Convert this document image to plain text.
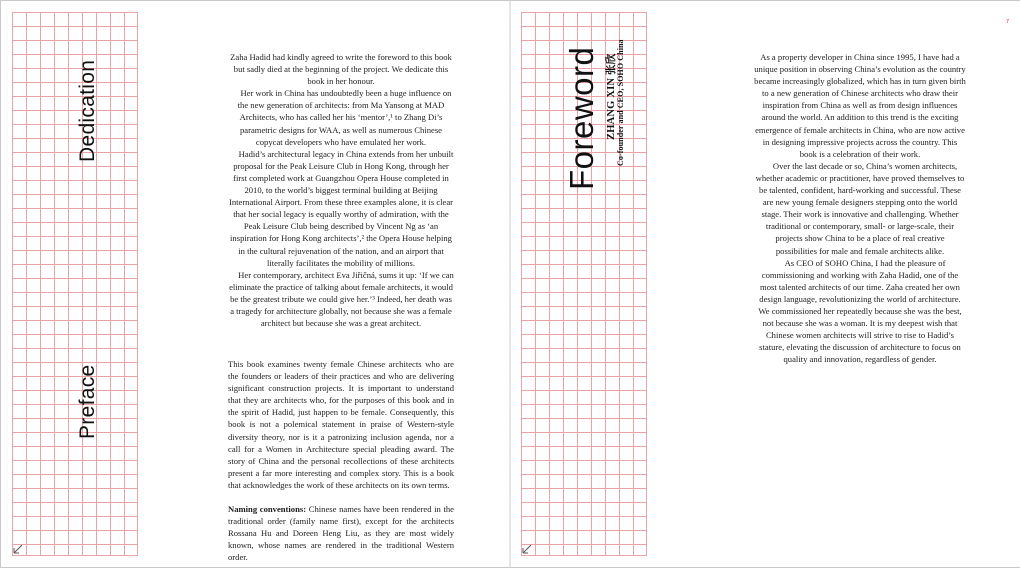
Dedication
Preface

Zaha Hadid had kindly agreed to write the foreword to this book but sadly died at the beginning of the project. We dedicate this book in her honour.

Her work in China has undoubtedly been a huge influence on the new generation of architects: from Ma Yansong at MAD Architects, who has called her his ‘mentor’,¹ to Zhang Di’s parametric designs for WAA, as well as numerous Chinese copycat developers who have emulated her work.

Hadid’s architectural legacy in China extends from her unbuilt proposal for the Peak Leisure Club in Hong Kong, through her first completed work at Guangzhou Opera House completed in 2010, to the world’s biggest terminal building at Beijing International Airport. From these three examples alone, it is clear that her social legacy is equally worthy of admiration, with the Peak Leisure Club being described by Vincent Ng as ‘an inspiration for Hong Kong architects’,² the Opera House helping in the cultural rejuvenation of the nation, and an airport that literally facilitates the mobility of millions.

Her contemporary, architect Eva Jiřičná, sums it up: ‘If we can eliminate the practice of talking about female architects, it would be the greatest tribute we could give her.’³ Indeed, her death was a tragedy for architecture globally, not because she was a female architect but because she was a great architect.

This book examines twenty female Chinese architects who are the founders or leaders of their practices and who are delivering significant construction projects. It is important to understand that they are architects who, for the purposes of this book and in the spirit of Hadid, just happen to be female. Consequently, this book is not a polemical statement in praise of Western-style diversity theory, nor is it a patronizing inclusion agenda, nor a call for a Women in Architecture special pleading award. The story of China and the personal recollections of these architects present a far more interesting and complex story. This is a book that acknowledges the work of these architects on its own terms.

Naming conventions: Chinese names have been rendered in the traditional order (family name first), except for the architects Rossana Hu and Doreen Heng Liu, as they are most widely known, whose names are rendered in the traditional Western order.

Foreword ZHANG XIN 张欣 Co-founder and CEO, SOHO China
7

As a property developer in China since 1995, I have had a unique position in observing China’s evolution as the country became increasingly globalized, which has in turn given birth to a new generation of Chinese architects who draw their inspiration from China as well as from design influences around the world. An addition to this trend is the exciting emergence of female architects in China, who are now active in designing impressive projects across the country. This book is a celebration of their work.

Over the last decade or so, China’s women architects, whether academic or practitioner, have proved themselves to be talented, confident, hard-working and successful. These are new young female designers stepping onto the world stage. Their work is innovative and challenging. Whether traditional or contemporary, small- or large-scale, their projects show China to be a place of real creative possibilities for male and female architects alike.

As CEO of SOHO China, I had the pleasure of commissioning and working with Zaha Hadid, one of the most talented architects of our time. Zaha created her own design language, revolutionizing the world of architecture. We commissioned her repeatedly because she was the best, not because she was a woman. It is my deepest wish that Chinese women architects will strive to rise to Hadid’s stature, elevating the discussion of architecture to focus on quality and innovation, regardless of gender.
